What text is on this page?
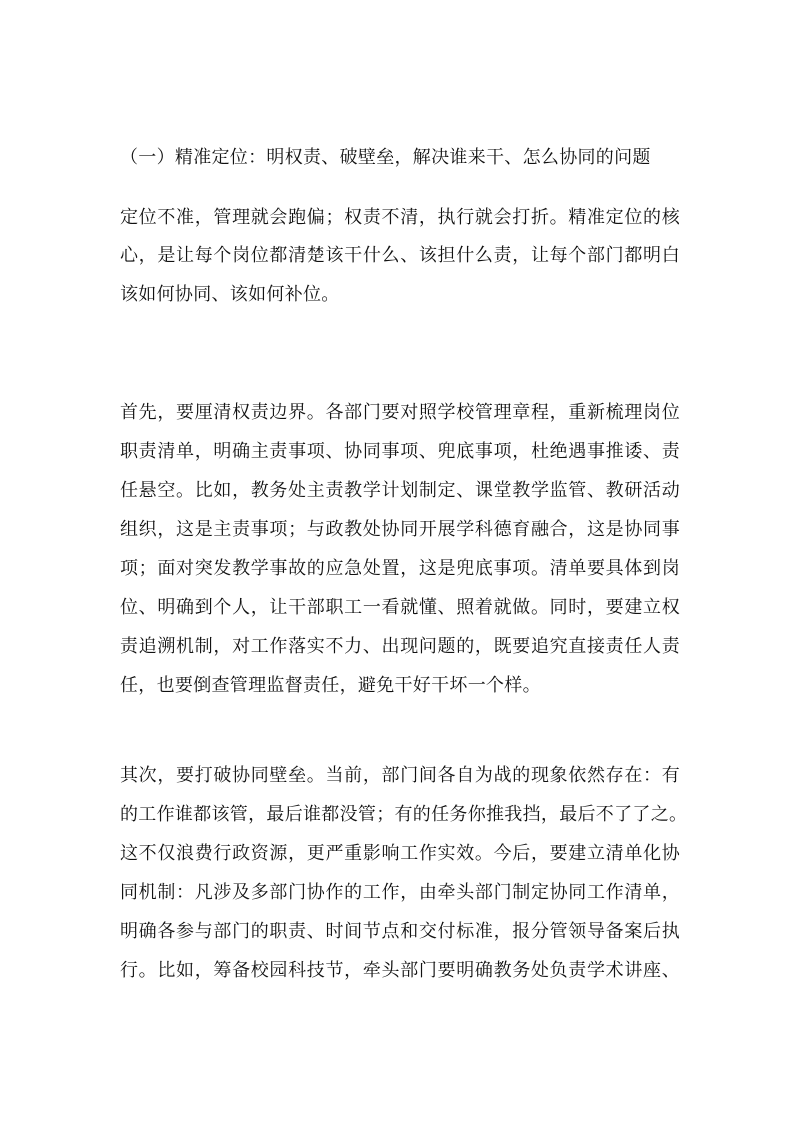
（一）精准定位：明权责、破壁垒，解决谁来干、怎么协同的问题
定位不准，管理就会跑偏；权责不清，执行就会打折。精准定位的核
心，是让每个岗位都清楚该干什么、该担什么责，让每个部门都明白
该如何协同、该如何补位。
首先，要厘清权责边界。各部门要对照学校管理章程，重新梳理岗位
职责清单，明确主责事项、协同事项、兜底事项，杜绝遇事推诿、责
任悬空。比如，教务处主责教学计划制定、课堂教学监管、教研活动
组织，这是主责事项；与政教处协同开展学科德育融合，这是协同事
项；面对突发教学事故的应急处置，这是兜底事项。清单要具体到岗
位、明确到个人，让干部职工一看就懂、照着就做。同时，要建立权
责追溯机制，对工作落实不力、出现问题的，既要追究直接责任人责
任，也要倒查管理监督责任，避免干好干坏一个样。
其次，要打破协同壁垒。当前，部门间各自为战的现象依然存在：有
的工作谁都该管，最后谁都没管；有的任务你推我挡，最后不了了之。
这不仅浪费行政资源，更严重影响工作实效。今后，要建立清单化协
同机制：凡涉及多部门协作的工作，由牵头部门制定协同工作清单，
明确各参与部门的职责、时间节点和交付标准，报分管领导备案后执
行。比如，筹备校园科技节，牵头部门要明确教务处负责学术讲座、
